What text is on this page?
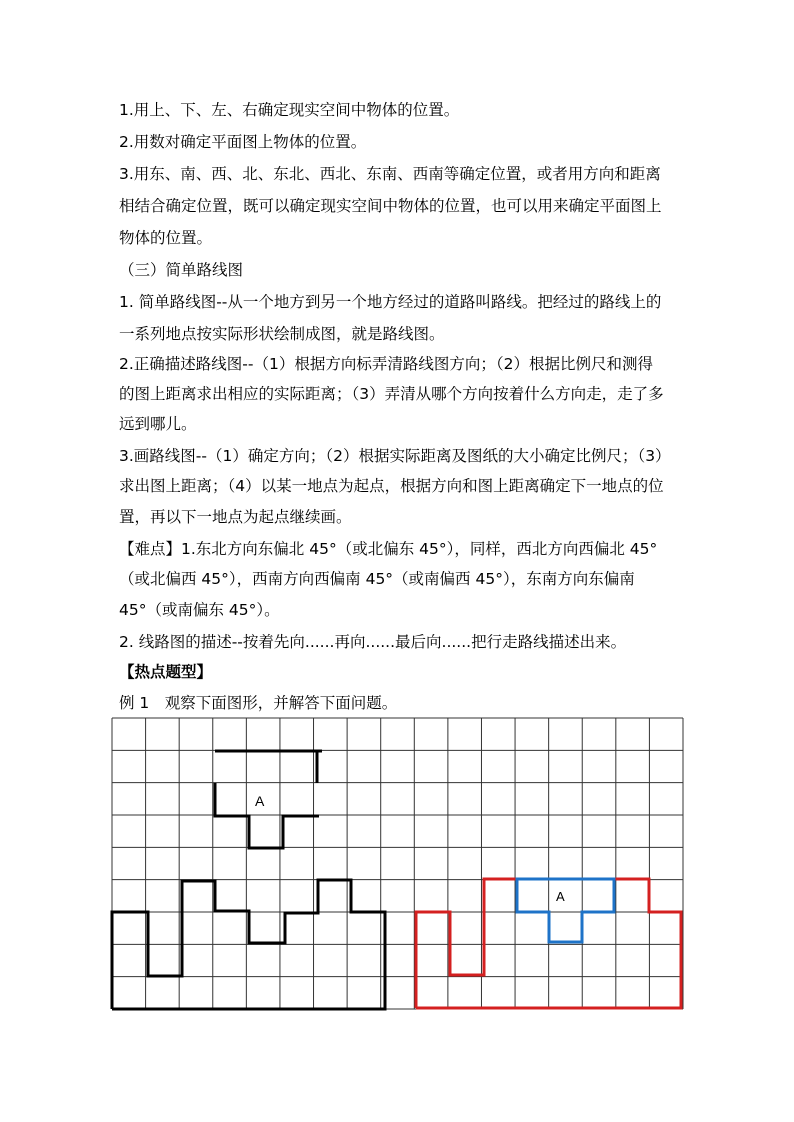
1.用上、下、左、右确定现实空间中物体的位置。
2.用数对确定平面图上物体的位置。
3.用东、南、西、北、东北、西北、东南、西南等确定位置，或者用方向和距离
相结合确定位置，既可以确定现实空间中物体的位置，也可以用来确定平面图上
物体的位置。
（三）简单路线图
1. 简单路线图--从一个地方到另一个地方经过的道路叫路线。把经过的路线上的
一系列地点按实际形状绘制成图，就是路线图。
2.正确描述路线图--（1）根据方向标弄清路线图方向；（2）根据比例尺和测得
的图上距离求出相应的实际距离；（3）弄清从哪个方向按着什么方向走，走了多
远到哪儿。
3.画路线图--（1）确定方向；（2）根据实际距离及图纸的大小确定比例尺；（3）
求出图上距离；（4）以某一地点为起点，根据方向和图上距离确定下一地点的位
置，再以下一地点为起点继续画。
【难点】1.东北方向东偏北 45°（或北偏东 45°），同样，西北方向西偏北 45°
（或北偏西 45°），西南方向西偏南 45°（或南偏西 45°），东南方向东偏南
45°（或南偏东 45°）。
2. 线路图的描述--按着先向......再向......最后向......把行走路线描述出来。
【热点题型】
例 1　观察下面图形，并解答下面问题。
A
A
